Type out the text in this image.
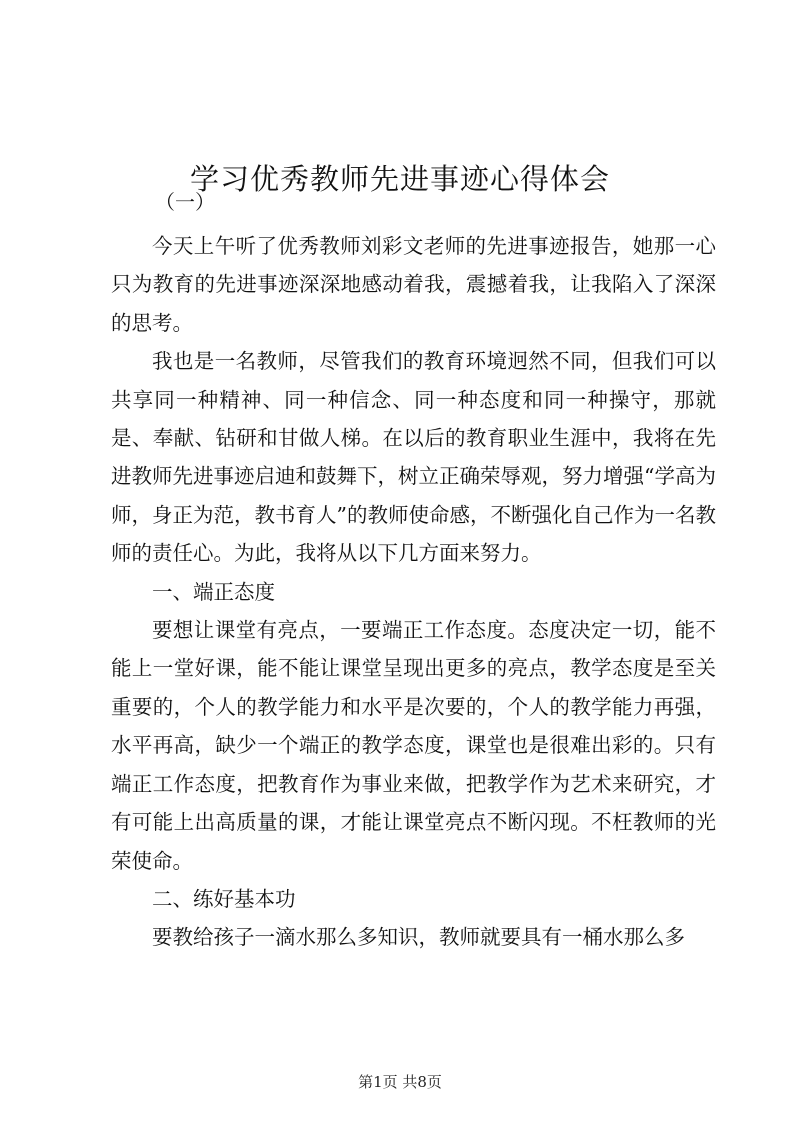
学习优秀教师先进事迹心得体会
（一）

今天上午听了优秀教师刘彩文老师的先进事迹报告，她那一心只为教育的先进事迹深深地感动着我，震撼着我，让我陷入了深深的思考。

我也是一名教师，尽管我们的教育环境迥然不同，但我们可以共享同一种精神、同一种信念、同一种态度和同一种操守，那就是、奉献、钻研和甘做人梯。在以后的教育职业生涯中，我将在先进教师先进事迹启迪和鼓舞下，树立正确荣辱观，努力增强“学高为师，身正为范，教书育人”的教师使命感，不断强化自己作为一名教师的责任心。为此，我将从以下几方面来努力。

一、端正态度

要想让课堂有亮点，一要端正工作态度。态度决定一切，能不能上一堂好课，能不能让课堂呈现出更多的亮点，教学态度是至关重要的，个人的教学能力和水平是次要的，个人的教学能力再强，水平再高，缺少一个端正的教学态度，课堂也是很难出彩的。只有端正工作态度，把教育作为事业来做，把教学作为艺术来研究，才有可能上出高质量的课，才能让课堂亮点不断闪现。不枉教师的光荣使命。

二、练好基本功

要教给孩子一滴水那么多知识，教师就要具有一桶水那么多

第1页 共8页
